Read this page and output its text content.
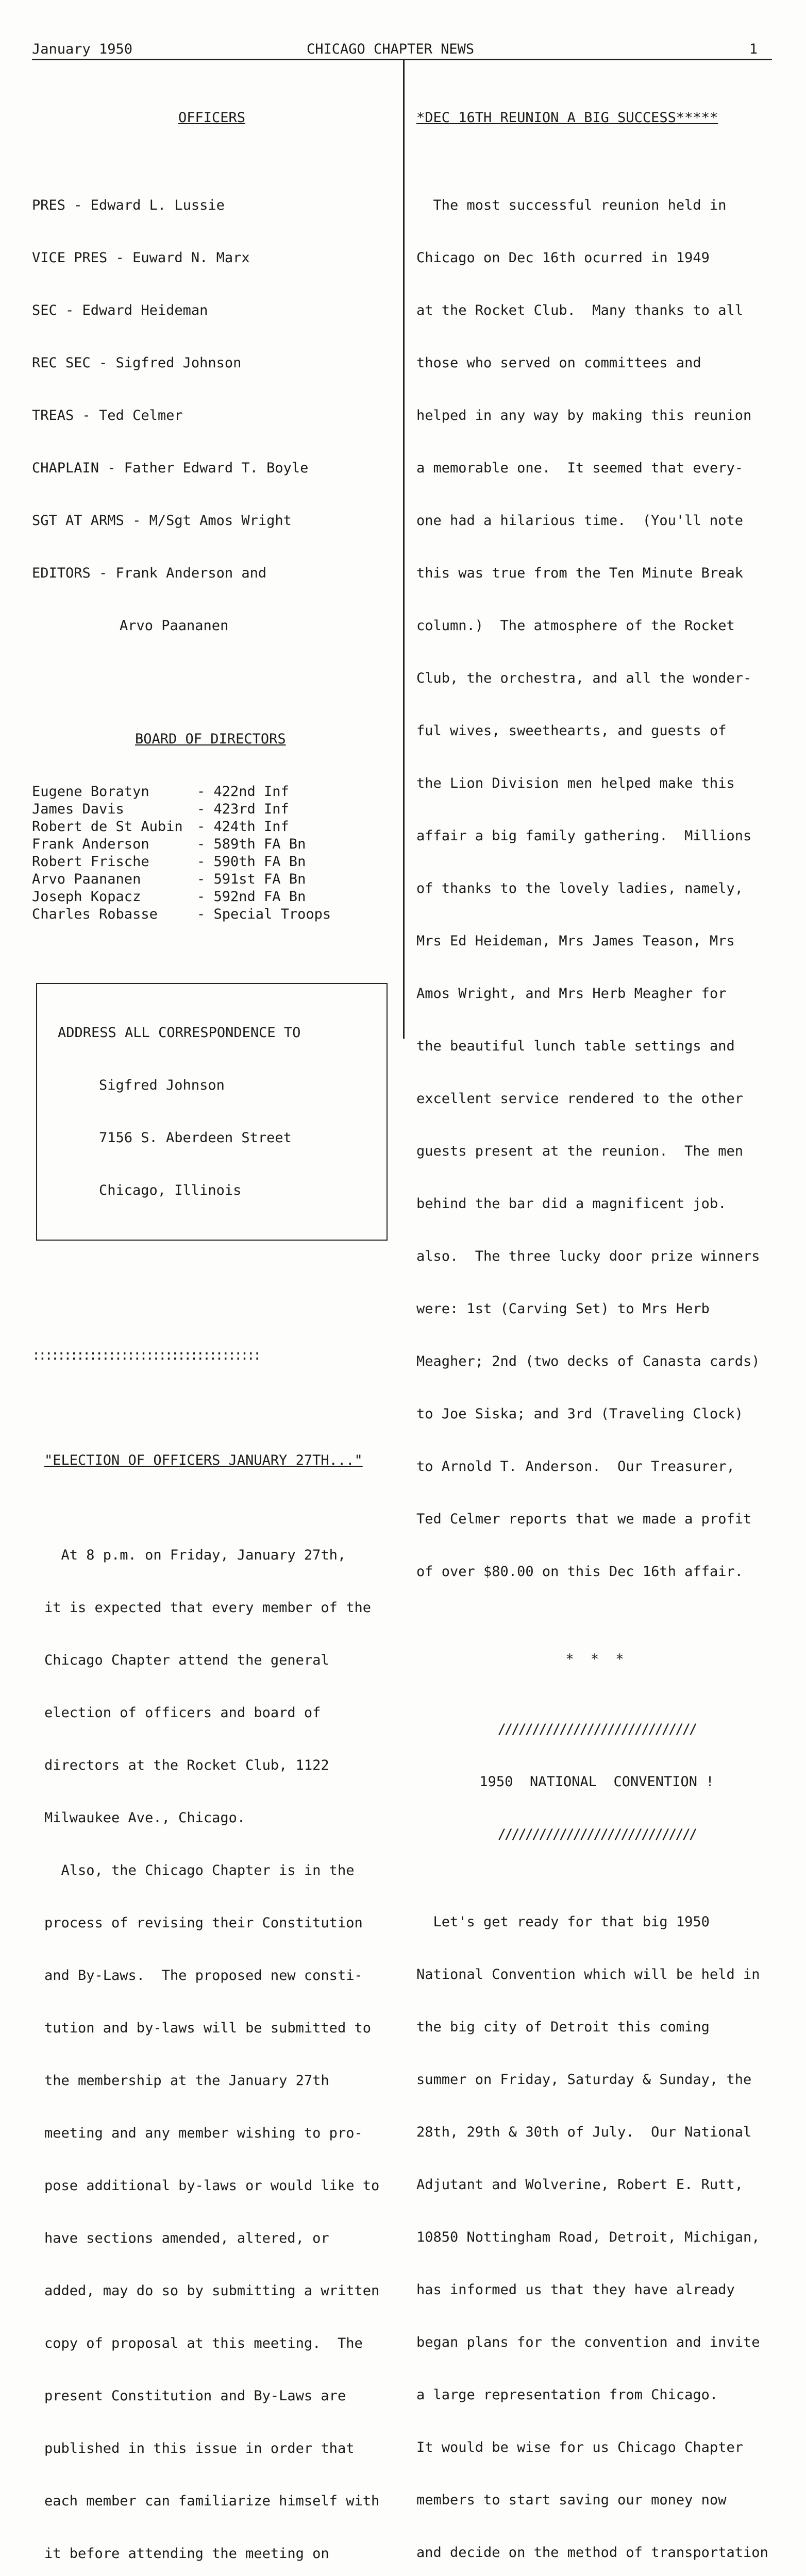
January 1950	CHICAGO CHAPTER NEWS	1

OFFICERS

PRES - Edward L. Lussie

VICE PRES - Euward N. Marx

SEC - Edward Heideman

REC SEC - Sigfred Johnson

TREAS - Ted Celmer

CHAPLAIN - Father Edward T. Boyle

SGT AT ARMS - M/Sgt Amos Wright

EDITORS - Frank Anderson and

Arvo Paananen

BOARD OF DIRECTORS

Eugene Boratyn	- 422nd Inf
James Davis	- 423rd Inf
Robert de St Aubin	- 424th Inf
Frank Anderson	- 589th FA Bn
Robert Frische	- 590th FA Bn
Arvo Paananen	- 591st FA Bn
Joseph Kopacz	- 592nd FA Bn
Charles Robasse	- Special Troops

ADDRESS ALL CORRESPONDENCE TO

Sigfred Johnson

7156 S. Aberdeen Street

Chicago, Illinois

::::::::::::::::::::::::::::::::::::

"ELECTION OF OFFICERS JANUARY 27TH..."

At 8 p.m. on Friday, January 27th,

it is expected that every member of the

Chicago Chapter attend the general

election of officers and board of

directors at the Rocket Club, 1122

Milwaukee Ave., Chicago.

Also, the Chicago Chapter is in the

process of revising their Constitution

and By-Laws.  The proposed new consti-

tution and by-laws will be submitted to

the membership at the January 27th

meeting and any member wishing to pro-

pose additional by-laws or would like to

have sections amended, altered, or

added, may do so by submitting a written

copy of proposal at this meeting.  The

present Constitution and By-Laws are

published in this issue in order that

each member can familiarize himself with

it before attending the meeting on

*DEC 16TH REUNION A BIG SUCCESS*****

The most successful reunion held in

Chicago on Dec 16th ocurred in 1949

at the Rocket Club.  Many thanks to all

those who served on committees and

helped in any way by making this reunion

a memorable one.  It seemed that every-

one had a hilarious time.  (You'll note

this was true from the Ten Minute Break

column.)  The atmosphere of the Rocket

Club, the orchestra, and all the wonder-

ful wives, sweethearts, and guests of

the Lion Division men helped make this

affair a big family gathering.  Millions

of thanks to the lovely ladies, namely,

Mrs Ed Heideman, Mrs James Teason, Mrs

Amos Wright, and Mrs Herb Meagher for

the beautiful lunch table settings and

excellent service rendered to the other

guests present at the reunion.  The men

behind the bar did a magnificent job.

also.  The three lucky door prize winners

were: 1st (Carving Set) to Mrs Herb

Meagher; 2nd (two decks of Canasta cards)

to Joe Siska; and 3rd (Traveling Clock)

to Arnold T. Anderson.  Our Treasurer,

Ted Celmer reports that we made a profit

of over $80.00 on this Dec 16th affair.

* * *

/////////////////////////////

1950  NATIONAL  CONVENTION !

/////////////////////////////

Let's get ready for that big 1950

National Convention which will be held in

the big city of Detroit this coming

summer on Friday, Saturday & Sunday, the

28th, 29th & 30th of July.  Our National

Adjutant and Wolverine, Robert E. Rutt,

10850 Nottingham Road, Detroit, Michigan,

has informed us that they have already

began plans for the convention and invite

a large representation from Chicago.

It would be wise for us Chicago Chapter

members to start saving our money now

and decide on the method of transportation
